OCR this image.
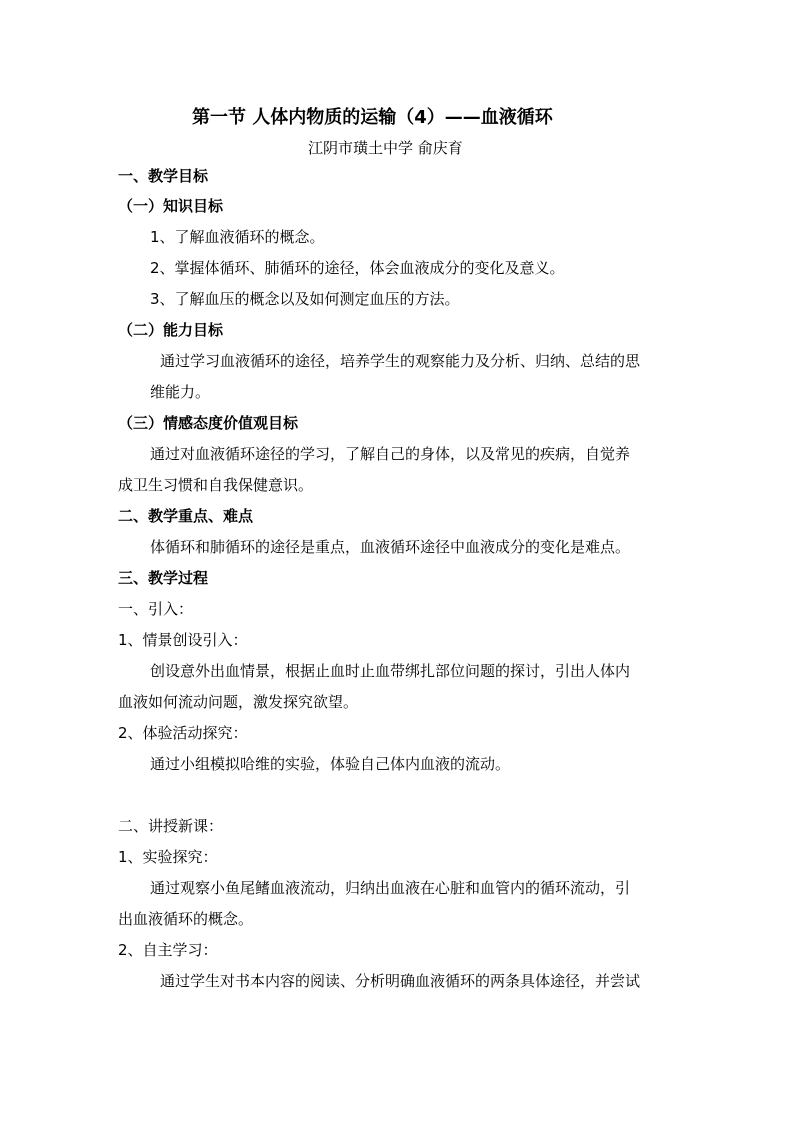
第一节 人体内物质的运输（4）——血液循环
江阴市璜土中学 俞庆育
一、教学目标
（一）知识目标
1、了解血液循环的概念。
2、掌握体循环、肺循环的途径，体会血液成分的变化及意义。
3、了解血压的概念以及如何测定血压的方法。
（二）能力目标
通过学习血液循环的途径，培养学生的观察能力及分析、归纳、总结的思
维能力。
（三）情感态度价值观目标
通过对血液循环途径的学习，了解自己的身体，以及常见的疾病，自觉养
成卫生习惯和自我保健意识。
二、教学重点、难点
体循环和肺循环的途径是重点，血液循环途径中血液成分的变化是难点。
三、教学过程
一、引入：
1、情景创设引入：
创设意外出血情景，根据止血时止血带绑扎部位问题的探讨，引出人体内
血液如何流动问题，激发探究欲望。
2、体验活动探究：
通过小组模拟哈维的实验，体验自己体内血液的流动。
二、讲授新课：
1、实验探究：
通过观察小鱼尾鳍血液流动，归纳出血液在心脏和血管内的循环流动，引
出血液循环的概念。
2、自主学习：
通过学生对书本内容的阅读、分析明确血液循环的两条具体途径，并尝试
